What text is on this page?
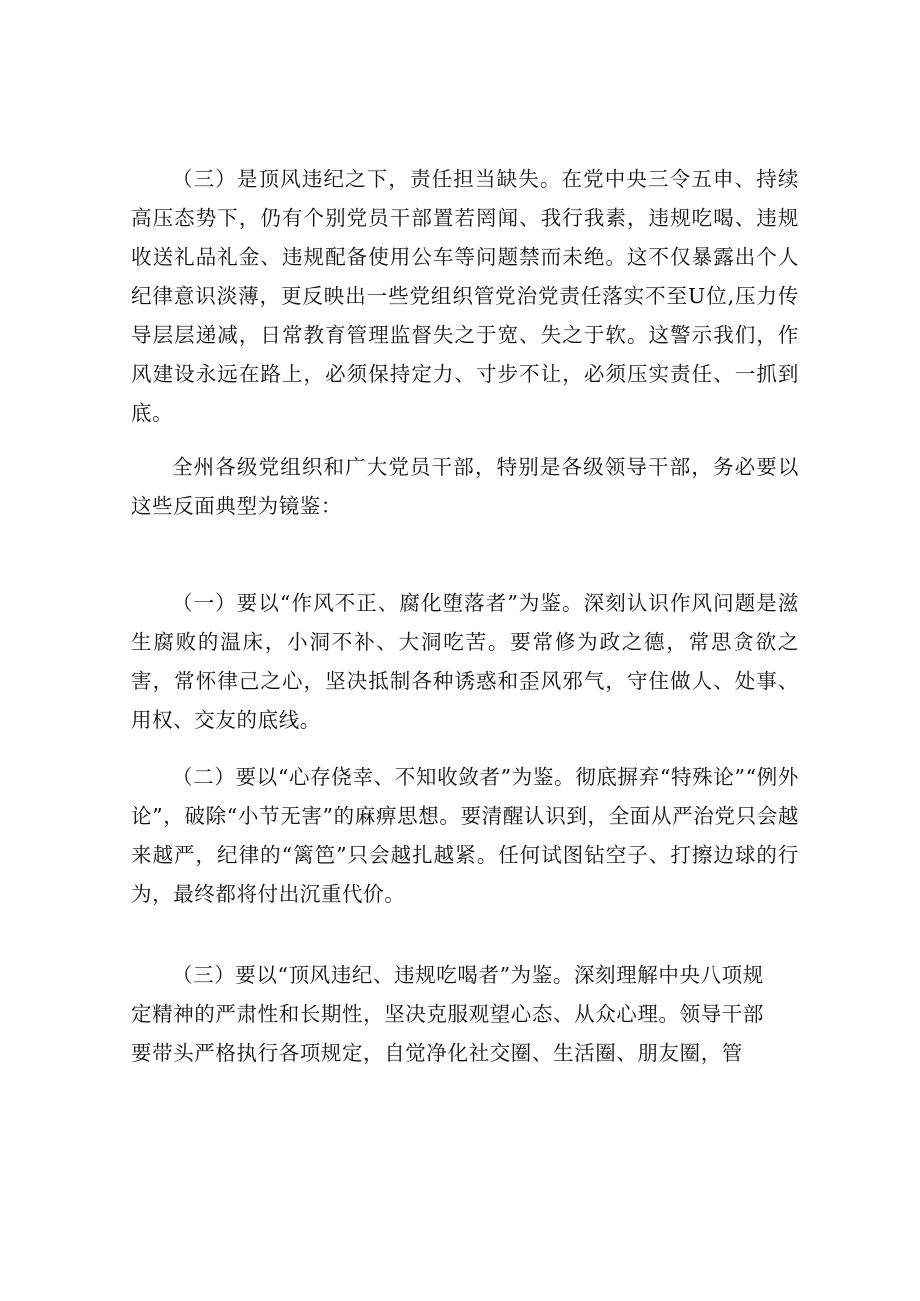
（三）是顶风违纪之下，责任担当缺失。在党中央三令五申、持续高压态势下，仍有个别党员干部置若罔闻、我行我素，违规吃喝、违规收送礼品礼金、违规配备使用公车等问题禁而未绝。这不仅暴露出个人纪律意识淡薄，更反映出一些党组织管党治党责任落实不至U位,压力传导层层递减，日常教育管理监督失之于宽、失之于软。这警示我们，作风建设永远在路上，必须保持定力、寸步不让，必须压实责任、一抓到底。

全州各级党组织和广大党员干部，特别是各级领导干部，务必要以这些反面典型为镜鉴：

（一）要以“作风不正、腐化堕落者”为鉴。深刻认识作风问题是滋生腐败的温床，小洞不补、大洞吃苦。要常修为政之德，常思贪欲之害，常怀律己之心，坚决抵制各种诱惑和歪风邪气，守住做人、处事、用权、交友的底线。

（二）要以“心存侥幸、不知收敛者”为鉴。彻底摒弃“特殊论”“例外论”，破除“小节无害”的麻痹思想。要清醒认识到，全面从严治党只会越来越严，纪律的“篱笆”只会越扎越紧。任何试图钻空子、打擦边球的行为，最终都将付出沉重代价。

（三）要以“顶风违纪、违规吃喝者”为鉴。深刻理解中央八项规定精神的严肃性和长期性，坚决克服观望心态、从众心理。领导干部要带头严格执行各项规定，自觉净化社交圈、生活圈、朋友圈，管
